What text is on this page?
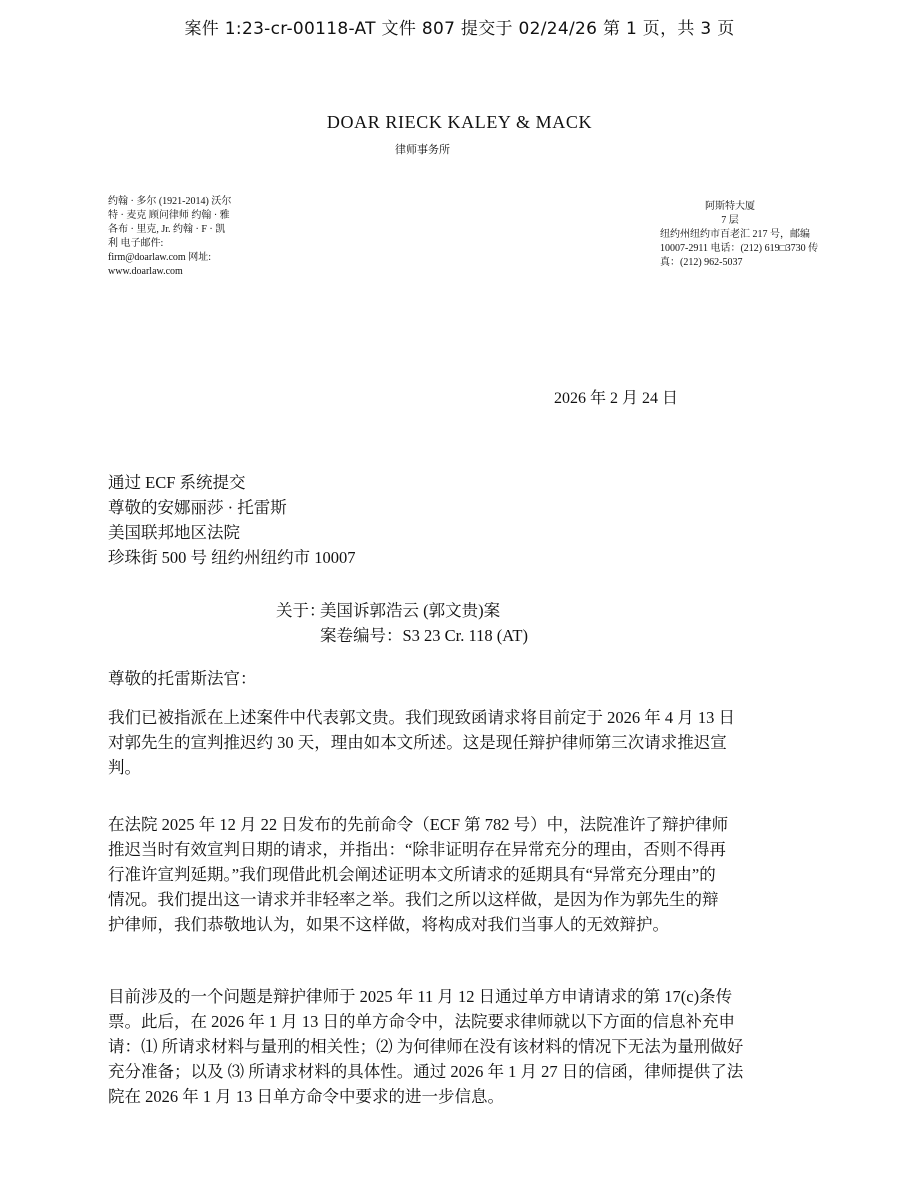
案件 1:23-cr-00118-AT 文件 807 提交于 02/24/26 第 1 页，共 3 页
DOAR RIECK KALEY & MACK
律师事务所
约翰 · 多尔 (1921-2014) 沃尔
特 · 麦克 顾问律师 约翰 · 雅
各布 · 里克, Jr. 约翰 · F · 凯
利 电子邮件:
firm@doarlaw.com 网址:
www.doarlaw.com
阿斯特大厦
7 层
纽约州纽约市百老汇 217 号，邮编
10007-2911 电话：(212) 619□3730 传
真：(212) 962-5037
2026 年 2 月 24 日
通过 ECF 系统提交
尊敬的安娜丽莎 · 托雷斯
美国联邦地区法院
珍珠街 500 号 纽约州纽约市 10007
关于：美国诉郭浩云 (郭文贵)案
案卷编号：S3 23 Cr. 118 (AT)
尊敬的托雷斯法官：
我们已被指派在上述案件中代表郭文贵。我们现致函请求将目前定于 2026 年 4 月 13 日
对郭先生的宣判推迟约 30 天，理由如本文所述。这是现任辩护律师第三次请求推迟宣
判。
在法院 2025 年 12 月 22 日发布的先前命令（ECF 第 782 号）中，法院准许了辩护律师
推迟当时有效宣判日期的请求，并指出：“除非证明存在异常充分的理由，否则不得再
行准许宣判延期。”我们现借此机会阐述证明本文所请求的延期具有“异常充分理由”的
情况。我们提出这一请求并非轻率之举。我们之所以这样做，是因为作为郭先生的辩
护律师，我们恭敬地认为，如果不这样做，将构成对我们当事人的无效辩护。
目前涉及的一个问题是辩护律师于 2025 年 11 月 12 日通过单方申请请求的第 17(c)条传
票。此后，在 2026 年 1 月 13 日的单方命令中，法院要求律师就以下方面的信息补充申
请：⑴ 所请求材料与量刑的相关性；⑵ 为何律师在没有该材料的情况下无法为量刑做好
充分准备；以及 ⑶ 所请求材料的具体性。通过 2026 年 1 月 27 日的信函，律师提供了法
院在 2026 年 1 月 13 日单方命令中要求的进一步信息。
